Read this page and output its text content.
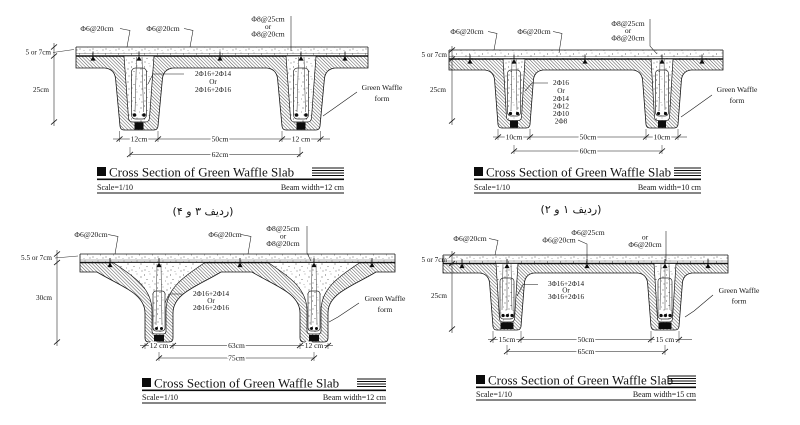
Φ6@20cm	Φ6@20cm
Φ8@25cm
or
Φ8@20cm
2Φ16+2Φ14
Or
2Φ16+2Φ16	Green Waffle
form
5 or 7cm
25cm
12cm	50cm	12 cm
62cm
Cross Section of Green Waffle Slab
Scale=1/10	Beam width=12 cm
(ردیف ۳ و ۴)
Φ6@20cm	Φ6@20cm
Φ8@25cm
or
Φ8@20cm
2Φ16
Or
2Φ14
2Φ12
2Φ10
2Φ8
Green Waffle
form
5 or 7cm
25cm
10cm	50cm	10cm
60cm
Cross Section of Green Waffle Slab
Scale=1/10	Beam width=10 cm
(ردیف ۱ و ۲)
Φ6@20cm	Φ6@20cm
Φ8@25cm
or
Φ8@20cm
2Φ16+2Φ14
Or
2Φ16+2Φ16
Green Waffle
form
5.5 or 7cm
30cm
12 cm	63cm	12 cm
75cm
Cross Section of Green Waffle Slab
Scale=1/10	Beam width=12 cm
Φ6@20cm
Φ6@25cm
Φ6@20cm	or
Φ6@20cm
3Φ16+2Φ14
Or
3Φ16+2Φ16
Green Waffle
form
5 or 7cm
25cm
15cm	50cm	15 cm
65cm
Cross Section of Green Waffle Slab
Scale=1/10	Beam width=15 cm
